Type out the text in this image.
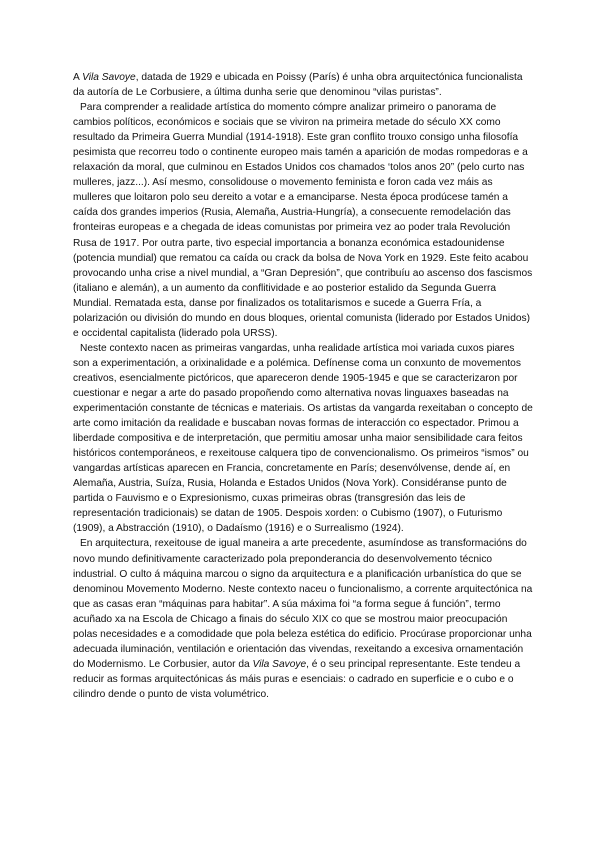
A Vila Savoye, datada de 1929 e ubicada en Poissy (París) é unha obra arquitectónica funcionalista da autoría de Le Corbusiere, a última dunha serie que denominou “vilas puristas”.

Para comprender a realidade artística do momento cómpre analizar primeiro o panorama de cambios políticos, económicos e sociais que se viviron na primeira metade do século XX como resultado da Primeira Guerra Mundial (1914-1918). Este gran conflito trouxo consigo unha filosofía pesimista que recorreu todo o continente europeo mais tamén a aparición de modas rompedoras e a relaxación da moral, que culminou en Estados Unidos cos chamados ‘tolos anos 20” (pelo curto nas mulleres, jazz...). Así mesmo, consolidouse o movemento feminista e foron cada vez máis as mulleres que loitaron polo seu dereito a votar e a emanciparse. Nesta época prodúcese tamén a caída dos grandes imperios (Rusia, Alemaña, Austria-Hungría), a consecuente remodelación das fronteiras europeas e a chegada de ideas comunistas por primeira vez ao poder trala Revolución Rusa de 1917. Por outra parte, tivo especial importancia a bonanza económica estadounidense (potencia mundial) que rematou ca caída ou crack da bolsa de Nova York en 1929. Este feito acabou provocando unha crise a nivel mundial, a “Gran Depresión”, que contribuíu ao ascenso dos fascismos (italiano e alemán), a un aumento da conflitividade e ao posterior estalido da Segunda Guerra Mundial. Rematada esta, danse por finalizados os totalitarismos e sucede a Guerra Fría, a polarización ou división do mundo en dous bloques, oriental comunista (liderado por Estados Unidos) e occidental capitalista (liderado pola URSS).

Neste contexto nacen as primeiras vangardas, unha realidade artística moi variada cuxos piares son a experimentación, a orixinalidade e a polémica. Defínense coma un conxunto de movementos creativos, esencialmente pictóricos, que apareceron dende 1905-1945 e que se caracterizaron por cuestionar e negar a arte do pasado propoñendo como alternativa novas linguaxes baseadas na experimentación constante de técnicas e materiais. Os artistas da vangarda rexeitaban o concepto de arte como imitación da realidade e buscaban novas formas de interacción co espectador. Primou a liberdade compositiva e de interpretación, que permitiu amosar unha maior sensibilidade cara feitos históricos contemporáneos, e rexeitouse calquera tipo de convencionalismo. Os primeiros “ismos” ou vangardas artísticas aparecen en Francia, concretamente en París; desenvólvense, dende aí, en Alemaña, Austria, Suíza, Rusia, Holanda e Estados Unidos (Nova York). Considéranse punto de partida o Fauvismo e o Expresionismo, cuxas primeiras obras (transgresión das leis de representación tradicionais) se datan de 1905. Despois xorden: o Cubismo (1907), o Futurismo (1909), a Abstracción (1910), o Dadaísmo (1916) e o Surrealismo (1924).

En arquitectura, rexeitouse de igual maneira a arte precedente, asumíndose as transformacións do novo mundo definitivamente caracterizado pola preponderancia do desenvolvemento técnico industrial. O culto á máquina marcou o signo da arquitectura e a planificación urbanística do que se denominou Movemento Moderno. Neste contexto naceu o funcionalismo, a corrente arquitectónica na que as casas eran “máquinas para habitar”. A súa máxima foi “a forma segue á función”, termo acuñado xa na Escola de Chicago a finais do século XIX co que se mostrou maior preocupación polas necesidades e a comodidade que pola beleza estética do edificio. Procúrase proporcionar unha adecuada iluminación, ventilación e orientación das vivendas, rexeitando a excesiva ornamentación do Modernismo. Le Corbusier, autor da Vila Savoye, é o seu principal representante. Este tendeu a reducir as formas arquitectónicas ás máis puras e esenciais: o cadrado en superficie e o cubo e o cilindro dende o punto de vista volumétrico.
